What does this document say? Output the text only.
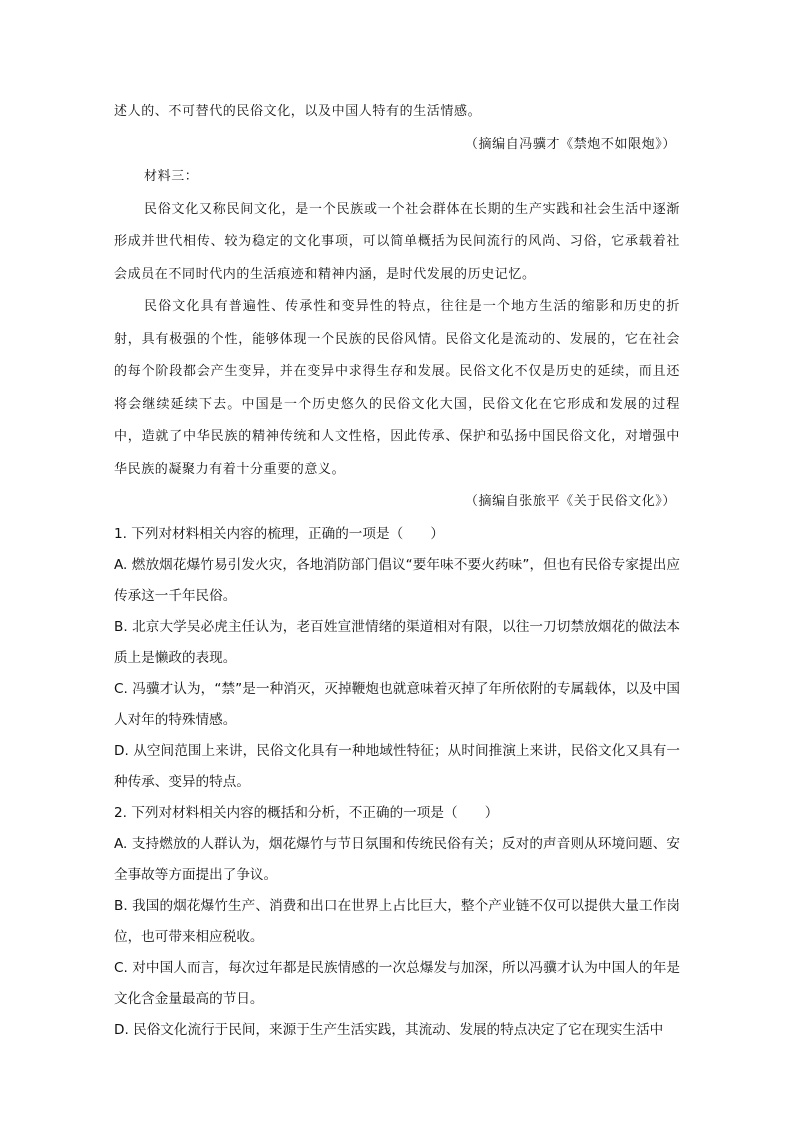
述人的、不可替代的民俗文化，以及中国人特有的生活情感。

（摘编自冯骥才《禁炮不如限炮》）

材料三：

民俗文化又称民间文化，是一个民族或一个社会群体在长期的生产实践和社会生活中逐渐形成并世代相传、较为稳定的文化事项，可以简单概括为民间流行的风尚、习俗，它承载着社会成员在不同时代内的生活痕迹和精神内涵，是时代发展的历史记忆。

民俗文化具有普遍性、传承性和变异性的特点，往往是一个地方生活的缩影和历史的折射，具有极强的个性，能够体现一个民族的民俗风情。民俗文化是流动的、发展的，它在社会的每个阶段都会产生变异，并在变异中求得生存和发展。民俗文化不仅是历史的延续，而且还将会继续延续下去。中国是一个历史悠久的民俗文化大国，民俗文化在它形成和发展的过程中，造就了中华民族的精神传统和人文性格，因此传承、保护和弘扬中国民俗文化，对增强中华民族的凝聚力有着十分重要的意义。

（摘编自张旅平《关于民俗文化》）

1. 下列对材料相关内容的梳理，正确的一项是（　　）

A. 燃放烟花爆竹易引发火灾，各地消防部门倡议“要年味不要火药味”，但也有民俗专家提出应传承这一千年民俗。

B. 北京大学吴必虎主任认为，老百姓宣泄情绪的渠道相对有限，以往一刀切禁放烟花的做法本质上是懒政的表现。

C. 冯骥才认为，“禁”是一种消灭，灭掉鞭炮也就意味着灭掉了年所依附的专属载体，以及中国人对年的特殊情感。

D. 从空间范围上来讲，民俗文化具有一种地域性特征；从时间推演上来讲，民俗文化又具有一种传承、变异的特点。

2. 下列对材料相关内容的概括和分析，不正确的一项是（　　）

A. 支持燃放的人群认为，烟花爆竹与节日氛围和传统民俗有关；反对的声音则从环境问题、安全事故等方面提出了争议。

B. 我国的烟花爆竹生产、消费和出口在世界上占比巨大，整个产业链不仅可以提供大量工作岗位，也可带来相应税收。

C. 对中国人而言，每次过年都是民族情感的一次总爆发与加深，所以冯骥才认为中国人的年是文化含金量最高的节日。

D. 民俗文化流行于民间，来源于生产生活实践，其流动、发展的特点决定了它在现实生活中
